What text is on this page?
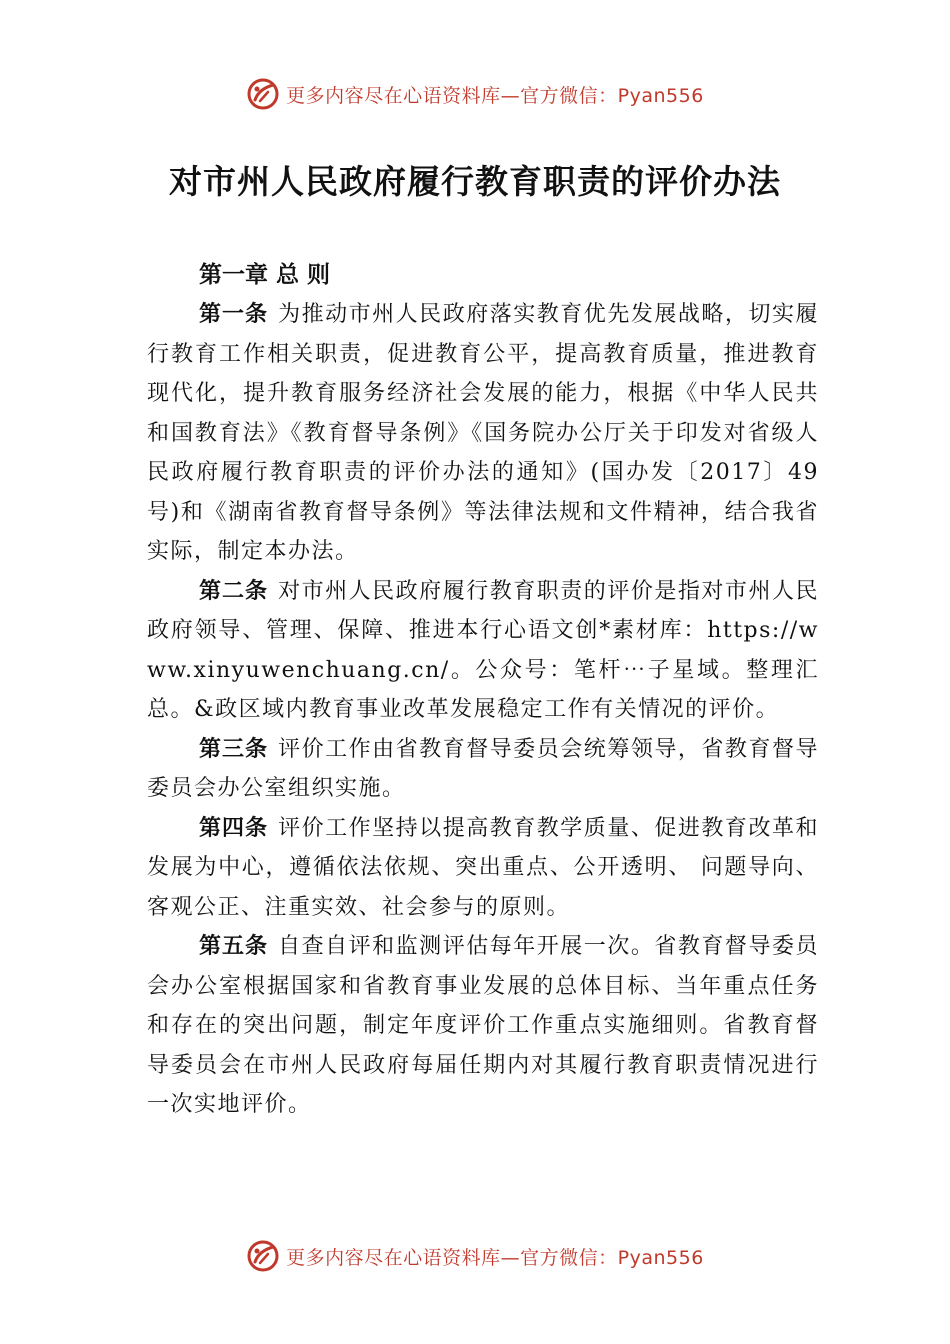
更多内容尽在心语资料库—官方微信：Pyan556
对市州人民政府履行教育职责的评价办法

第一章 总 则

第一条 为推动市州人民政府落实教育优先发展战略，切实履行教育工作相关职责，促进教育公平，提高教育质量，推进教育现代化，提升教育服务经济社会发展的能力，根据《中华人民共和国教育法》《教育督导条例》《国务院办公厅关于印发对省级人民政府履行教育职责的评价办法的通知》(国办发〔2017〕49号)和《湖南省教育督导条例》等法律法规和文件精神，结合我省实际，制定本办法。

第二条 对市州人民政府履行教育职责的评价是指对市州人民政府领导、管理、保障、推进本行心语文创*素材库：https://www.xinyuwenchuang.cn/。公众号：笔杆⋯子星域。整理汇总。&政区域内教育事业改革发展稳定工作有关情况的评价。

第三条 评价工作由省教育督导委员会统筹领导，省教育督导委员会办公室组织实施。

第四条 评价工作坚持以提高教育教学质量、促进教育改革和发展为中心，遵循依法依规、突出重点、公开透明、 问题导向、客观公正、注重实效、社会参与的原则。

第五条 自查自评和监测评估每年开展一次。省教育督导委员会办公室根据国家和省教育事业发展的总体目标、当年重点任务和存在的突出问题，制定年度评价工作重点实施细则。省教育督导委员会在市州人民政府每届任期内对其履行教育职责情况进行一次实地评价。

更多内容尽在心语资料库—官方微信：Pyan556
